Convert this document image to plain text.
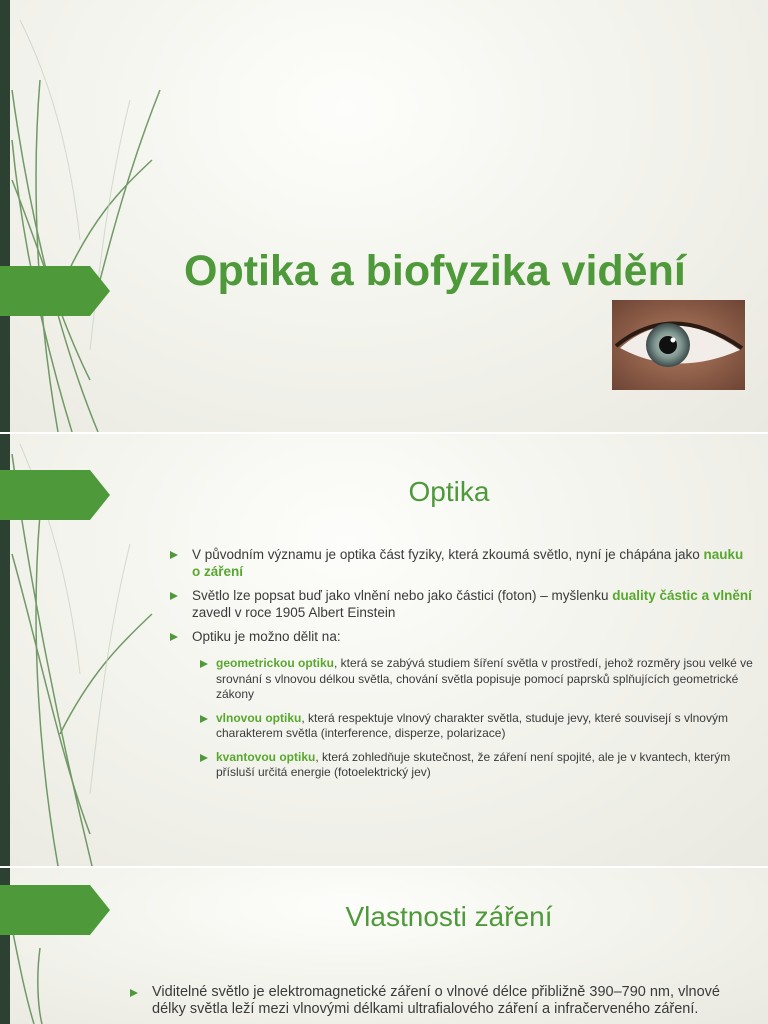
Optika a biofyzika vidění
Optika
V původním významu je optika část fyziky, která zkoumá světlo, nyní je chápána jako nauku o záření
Světlo lze popsat buď jako vlnění nebo jako částici (foton) – myšlenku duality částic a vlnění zavedl v roce 1905 Albert Einstein
Optiku je možno dělit na:
geometrickou optiku, která se zabývá studiem šíření světla v prostředí, jehož rozměry jsou velké ve srovnání s vlnovou délkou světla, chování světla popisuje pomocí paprsků splňujících geometrické zákony
vlnovou optiku, která respektuje vlnový charakter světla, studuje jevy, které souvisejí s vlnovým charakterem světla (interference, disperze, polarizace)
kvantovou optiku, která zohledňuje skutečnost, že záření není spojité, ale je v kvantech, kterým přísluší určitá energie (fotoelektrický jev)
Vlastnosti záření
Viditelné světlo je elektromagnetické záření o vlnové délce přibližně 390–790 nm, vlnové délky světla leží mezi vlnovými délkami ultrafialového záření a infračerveného záření.
